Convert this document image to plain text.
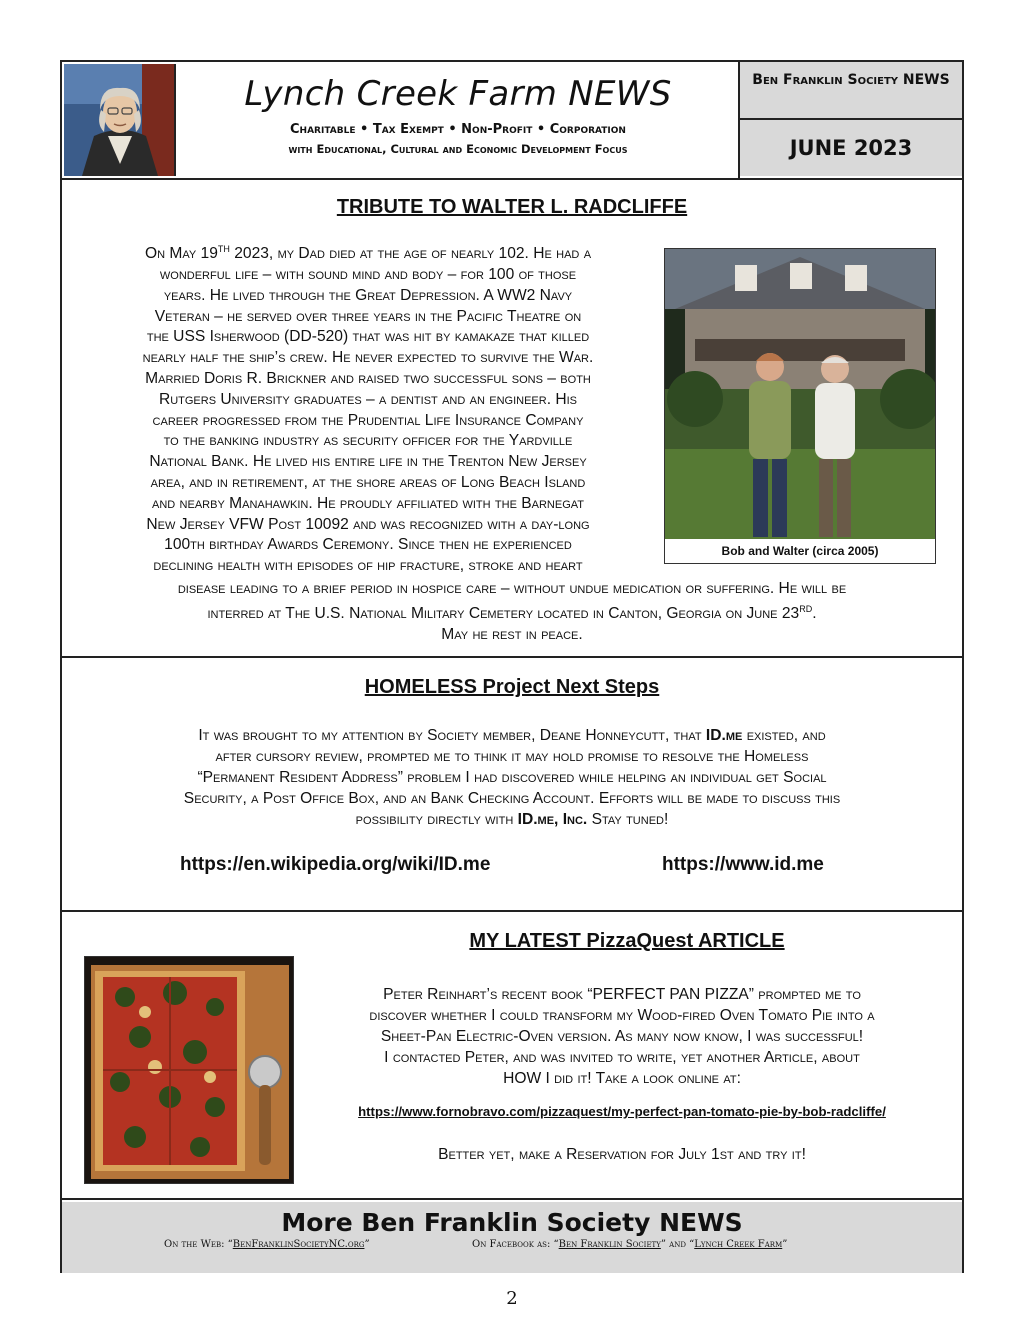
Lynch Creek Farm NEWS
Charitable • Tax Exempt • Non-Profit • Corporation
with Educational, Cultural and Economic Development Focus
Ben Franklin Society NEWS
JUNE 2023
TRIBUTE TO WALTER L. RADCLIFFE
On May 19TH 2023, my Dad died at the age of nearly 102. He had a
wonderful life – with sound mind and body – for 100 of those
years. He lived through the Great Depression. A WW2 Navy
Veteran – he served over three years in the Pacific Theatre on
the USS Isherwood (DD-520) that was hit by kamakaze that killed
nearly half the ship’s crew. He never expected to survive the War.
Married Doris R. Brickner and raised two successful sons – both
Rutgers University graduates – a dentist and an engineer. His
career progressed from the Prudential Life Insurance Company
to the banking industry as security officer for the Yardville
National Bank. He lived his entire life in the Trenton New Jersey
area, and in retirement, at the shore areas of Long Beach Island
and nearby Manahawkin. He proudly affiliated with the Barnegat
New Jersey VFW Post 10092 and was recognized with a day-long
100th birthday Awards Ceremony. Since then he experienced
declining health with episodes of hip fracture, stroke and heart
Bob and Walter (circa 2005)
disease leading to a brief period in hospice care – without undue medication or suffering. He will be
interred at The U.S. National Military Cemetery located in Canton, Georgia on June 23RD.
May he rest in peace.
HOMELESS Project Next Steps
It was brought to my attention by Society member, Deane Honneycutt, that ID.me existed, and
after cursory review, prompted me to think it may hold promise to resolve the Homeless
“Permanent Resident Address” problem I had discovered while helping an individual get Social
Security, a Post Office Box, and an Bank Checking Account. Efforts will be made to discuss this
possibility directly with ID.me, Inc. Stay tuned!
https://en.wikipedia.org/wiki/ID.me	https://www.id.me
MY LATEST PizzaQuest ARTICLE
Peter Reinhart’s recent book “PERFECT PAN PIZZA” prompted me to
discover whether I could transform my Wood-fired Oven Tomato Pie into a
Sheet-Pan Electric-Oven version. As many now know, I was successful!
I contacted Peter, and was invited to write, yet another Article, about
HOW I did it! Take a look online at:
https://www.fornobravo.com/pizzaquest/my-perfect-pan-tomato-pie-by-bob-radcliffe/
Better yet, make a Reservation for July 1st and try it!
More Ben Franklin Society NEWS
On the Web: “BenFranklinSocietyNC.org”	On Facebook as: “Ben Franklin Society” and “Lynch Creek Farm”
2
